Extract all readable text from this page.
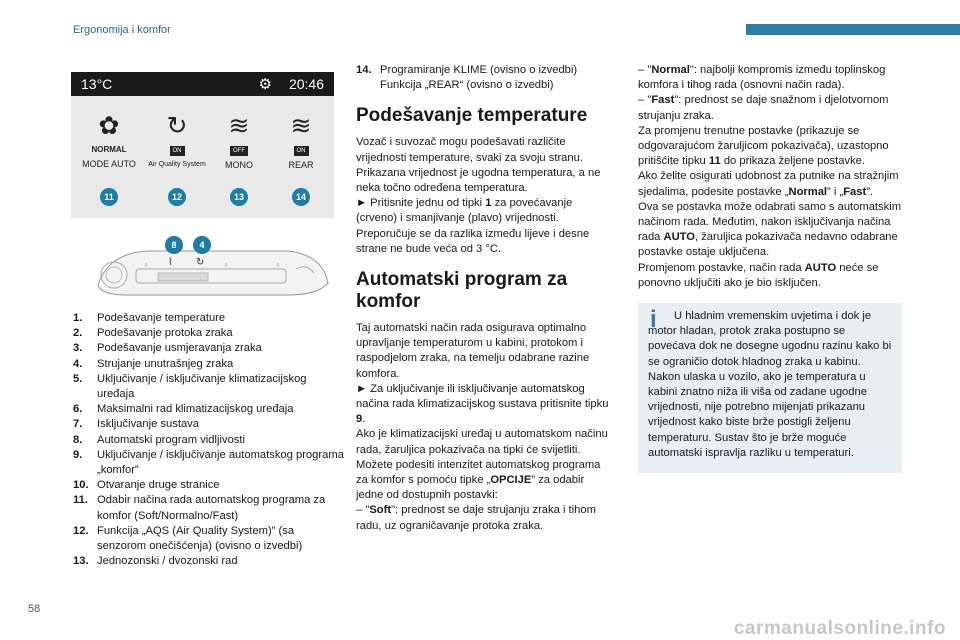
Ergonomija i komfor
13°C	⚙ 20:46
✿
NORMAL
MODE AUTO
↻
ON
Air Quality System
≋
OFF
MONO
≋
ON
REAR
11	12	13	14
8	4
⌇ ↻
1.	Podešavanje temperature
2.	Podešavanje protoka zraka
3.	Podešavanje usmjeravanja zraka
4.	Strujanje unutrašnjeg zraka
5.	Uključivanje / isključivanje klimatizacijskog uređaja
6.	Maksimalni rad klimatizacijskog uređaja
7.	Isključivanje sustava
8.	Automatski program vidljivosti
9.	Uključivanje / isključivanje automatskog programa „komfor”
10. Otvaranje druge stranice
11. Odabir načina rada automatskog programa za komfor (Soft/Normalno/Fast)
12. Funkcija „AQS (Air Quality System)” (sa senzorom onečišćenja) (ovisno o izvedbi)
13. Jednozonski / dvozonski rad
14. Programiranje KLIME (ovisno o izvedbi) Funkcija „REAR“ (ovisno o izvedbi)
Podešavanje temperature

Vozač i suvozač mogu podešavati različite vrijednosti temperature, svaki za svoju stranu.

Prikazana vrijednost je ugodna temperatura, a ne neka točno određena temperatura.

► Pritisnite jednu od tipki 1 za povećavanje (crveno) i smanjivanje (plavo) vrijednosti.

Preporučuje se da razlika između lijeve i desne strane ne bude veća od 3 °C.

Automatski program za komfor

Taj automatski način rada osigurava optimalno upravljanje temperaturom u kabini, protokom i raspodjelom zraka, na temelju odabrane razine komfora.

► Za uključivanje ili isključivanje automatskog načina rada klimatizacijskog sustava pritisnite tipku 9.

Ako je klimatizacijski uređaj u automatskom načinu rada, žaruljica pokazivača na tipki će svijetliti.

Možete podesiti intenzitet automatskog programa za komfor s pomoću tipke „OPCIJE” za odabir jedne od dostupnih postavki:

– "Soft": prednost se daje strujanju zraka i tihom radu, uz ograničavanje protoka zraka.

– "Normal": najbolji kompromis između toplinskog komfora i tihog rada (osnovni način rada).

– "Fast": prednost se daje snažnom i djelotvornom strujanju zraka.

Za promjenu trenutne postavke (prikazuje se odgovarajućom žaruljicom pokazivača), uzastopno pritišćite tipku 11 do prikaza željene postavke.

Ako želite osigurati udobnost za putnike na stražnjim sjedalima, podesite postavke „Normal” i „Fast”.

Ova se postavka može odabrati samo s automatskim načinom rada. Međutim, nakon isključivanja načina rada AUTO, žaruljica pokazivača nedavno odabrane postavke ostaje uključena.

Promjenom postavke, način rada AUTO neće se ponovno uključiti ako je bio isključen.

i	U hladnim vremenskim uvjetima i dok je motor hladan, protok zraka postupno se povećava dok ne dosegne ugodnu razinu kako bi se ograničio dotok hladnog zraka u kabinu.

Nakon ulaska u vozilo, ako je temperatura u kabini znatno niža ili viša od zadane ugodne vrijednosti, nije potrebno mijenjati prikazanu vrijednost kako biste brže postigli željenu temperaturu. Sustav što je brže moguće automatski ispravlja razliku u temperaturi.

58
carmanualsonline.info
